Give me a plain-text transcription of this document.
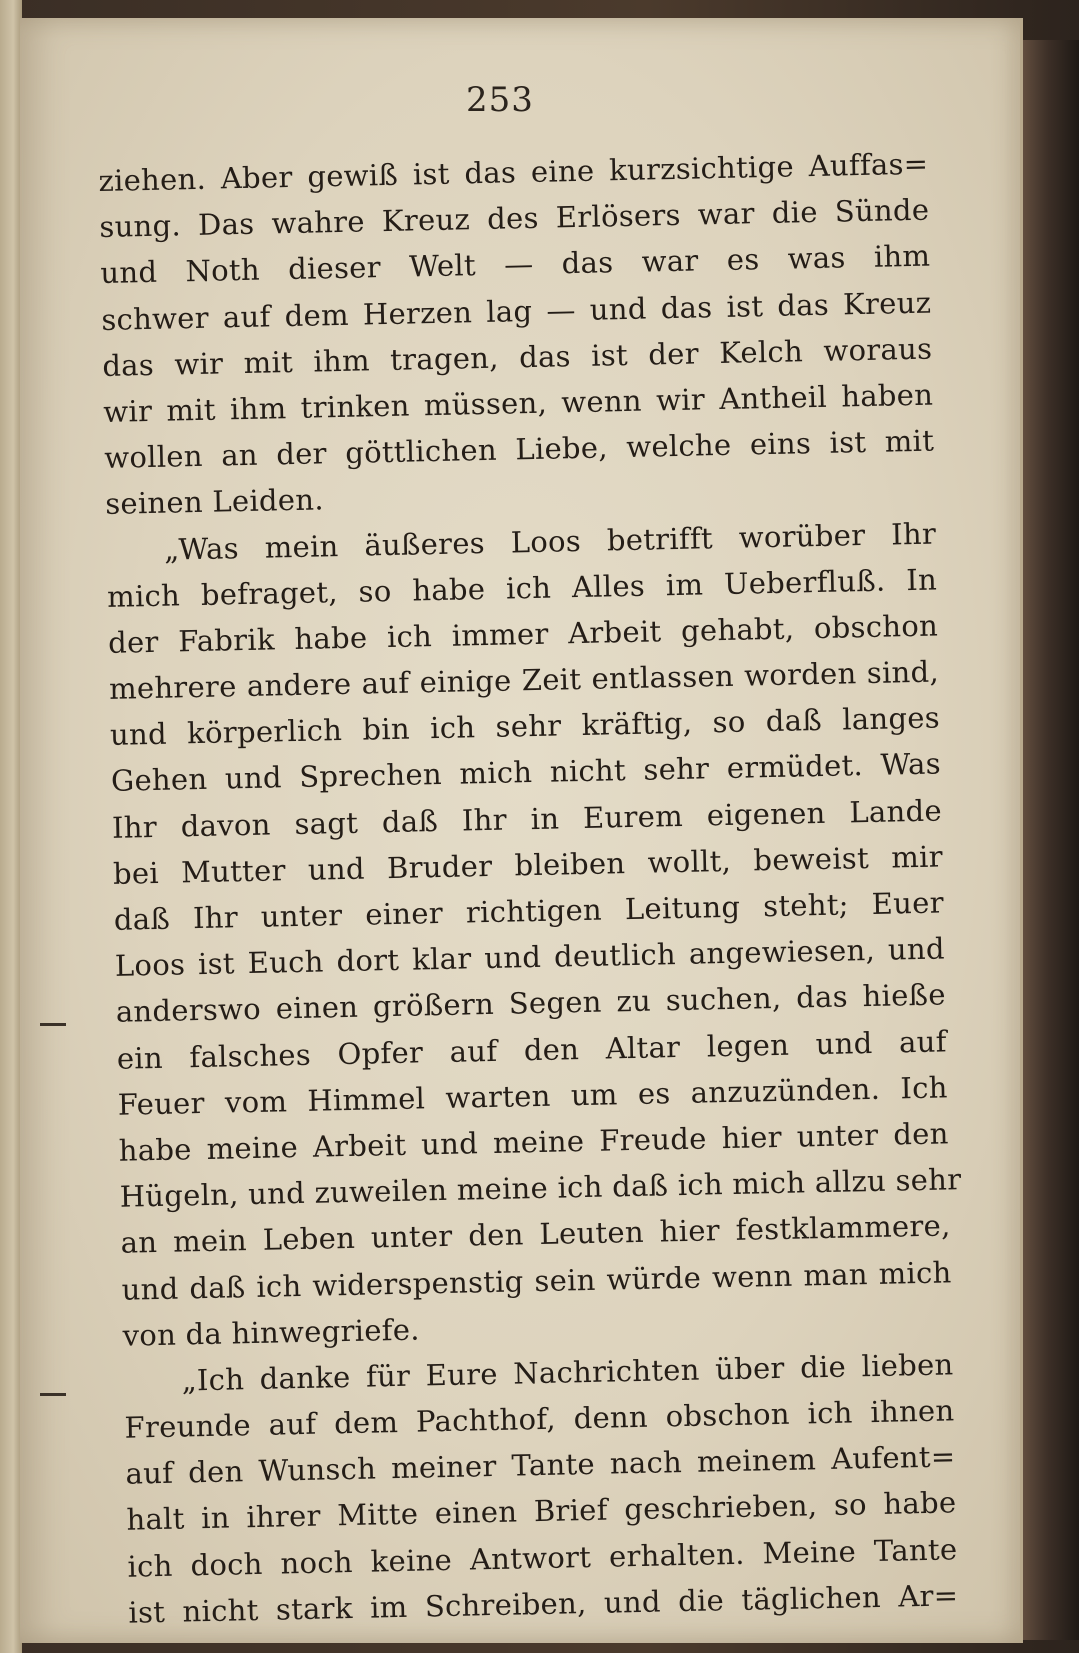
253
ziehen. Aber gewiß ist das eine kurzsichtige Auffas=
sung. Das wahre Kreuz des Erlösers war die Sünde
und Noth dieser Welt — das war es was ihm
schwer auf dem Herzen lag — und das ist das Kreuz
das wir mit ihm tragen, das ist der Kelch woraus
wir mit ihm trinken müssen, wenn wir Antheil haben
wollen an der göttlichen Liebe, welche eins ist mit
seinen Leiden.
„Was mein äußeres Loos betrifft worüber Ihr
mich befraget, so habe ich Alles im Ueberfluß. In
der Fabrik habe ich immer Arbeit gehabt, obschon
mehrere andere auf einige Zeit entlassen worden sind,
und körperlich bin ich sehr kräftig, so daß langes
Gehen und Sprechen mich nicht sehr ermüdet. Was
Ihr davon sagt daß Ihr in Eurem eigenen Lande
bei Mutter und Bruder bleiben wollt, beweist mir
daß Ihr unter einer richtigen Leitung steht; Euer
Loos ist Euch dort klar und deutlich angewiesen, und
anderswo einen größern Segen zu suchen, das hieße
ein falsches Opfer auf den Altar legen und auf
Feuer vom Himmel warten um es anzuzünden. Ich
habe meine Arbeit und meine Freude hier unter den
Hügeln, und zuweilen meine ich daß ich mich allzu sehr
an mein Leben unter den Leuten hier festklammere,
und daß ich widerspenstig sein würde wenn man mich
von da hinwegriefe.
„Ich danke für Eure Nachrichten über die lieben
Freunde auf dem Pachthof, denn obschon ich ihnen
auf den Wunsch meiner Tante nach meinem Aufent=
halt in ihrer Mitte einen Brief geschrieben, so habe
ich doch noch keine Antwort erhalten. Meine Tante
ist nicht stark im Schreiben, und die täglichen Ar=
